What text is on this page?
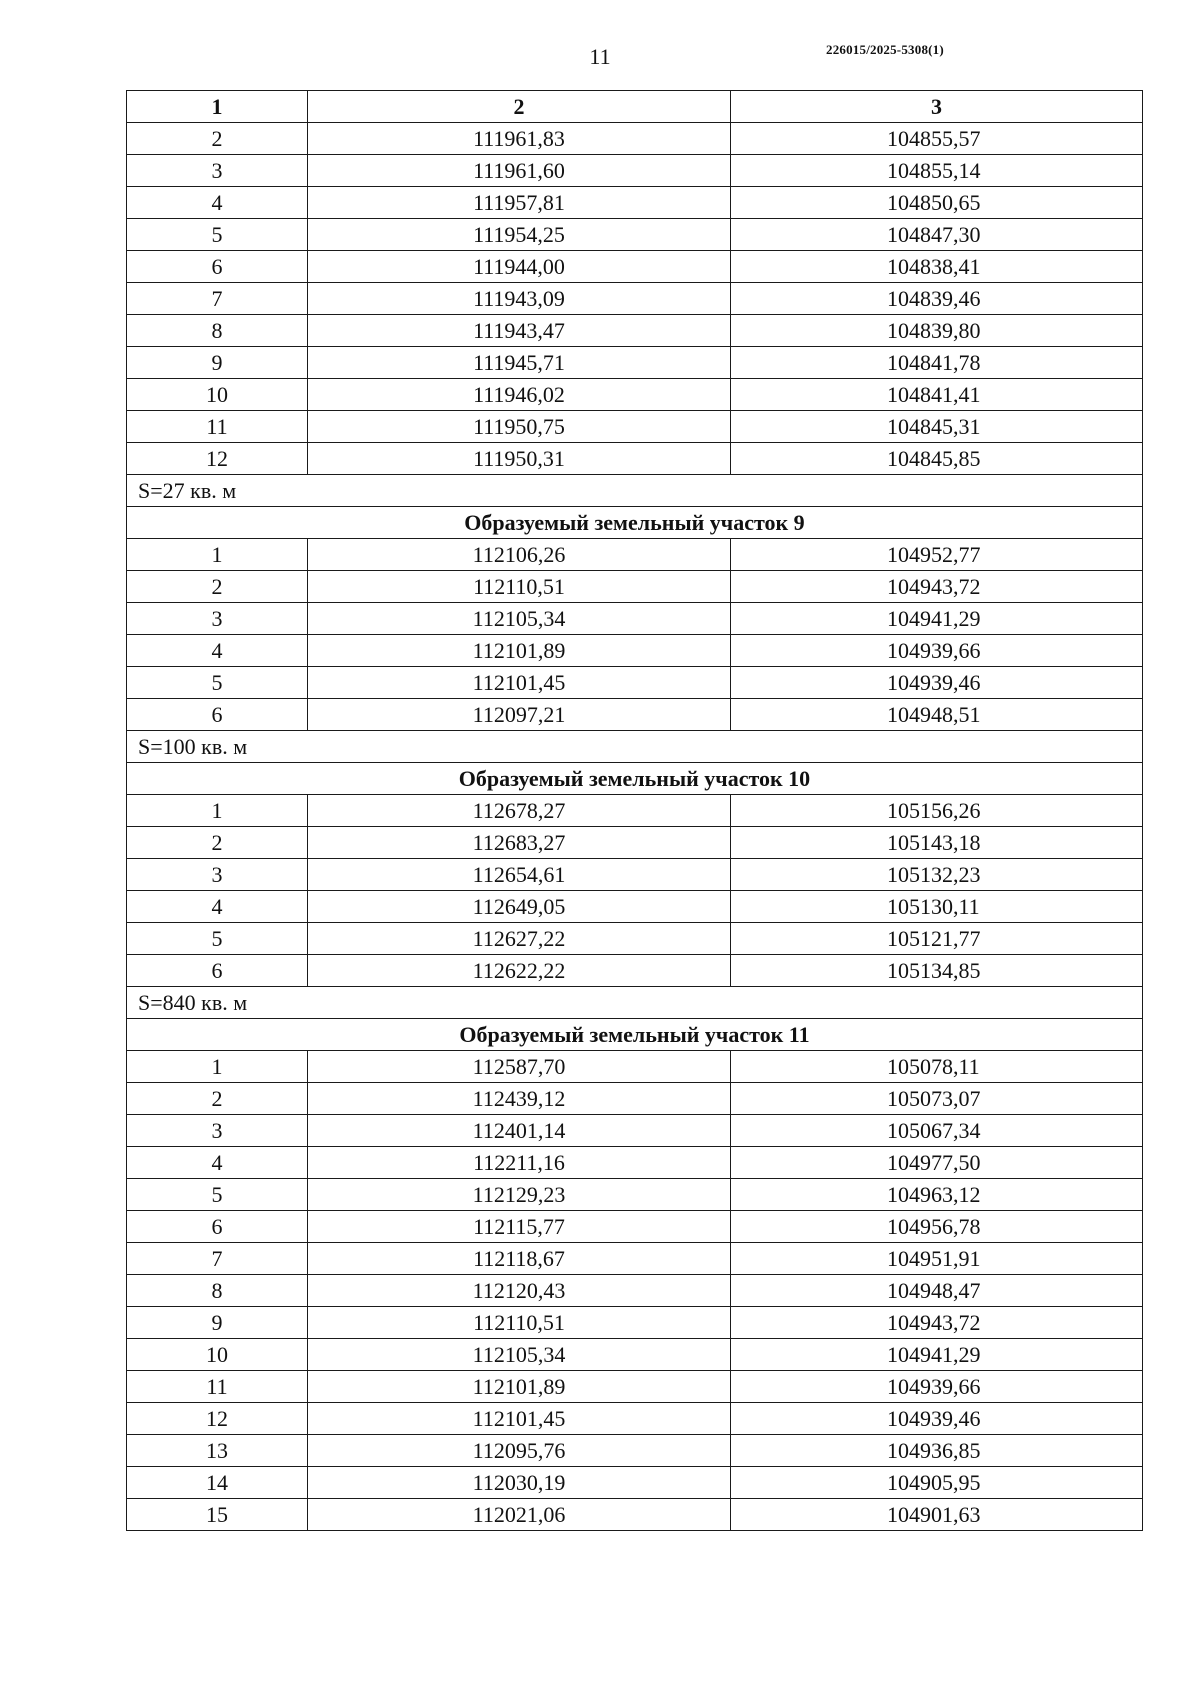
11	226015/2025-5308(1)
1	2	3
2	111961,83	104855,57
3	111961,60	104855,14
4	111957,81	104850,65
5	111954,25	104847,30
6	111944,00	104838,41
7	111943,09	104839,46
8	111943,47	104839,80
9	111945,71	104841,78
10	111946,02	104841,41
11	111950,75	104845,31
12	111950,31	104845,85
S=27 кв. м		
Образуемый земельный участок 9		
1	112106,26	104952,77
2	112110,51	104943,72
3	112105,34	104941,29
4	112101,89	104939,66
5	112101,45	104939,46
6	112097,21	104948,51
S=100 кв. м		
Образуемый земельный участок 10		
1	112678,27	105156,26
2	112683,27	105143,18
3	112654,61	105132,23
4	112649,05	105130,11
5	112627,22	105121,77
6	112622,22	105134,85
S=840 кв. м		
Образуемый земельный участок 11		
1	112587,70	105078,11
2	112439,12	105073,07
3	112401,14	105067,34
4	112211,16	104977,50
5	112129,23	104963,12
6	112115,77	104956,78
7	112118,67	104951,91
8	112120,43	104948,47
9	112110,51	104943,72
10	112105,34	104941,29
11	112101,89	104939,66
12	112101,45	104939,46
13	112095,76	104936,85
14	112030,19	104905,95
15	112021,06	104901,63
